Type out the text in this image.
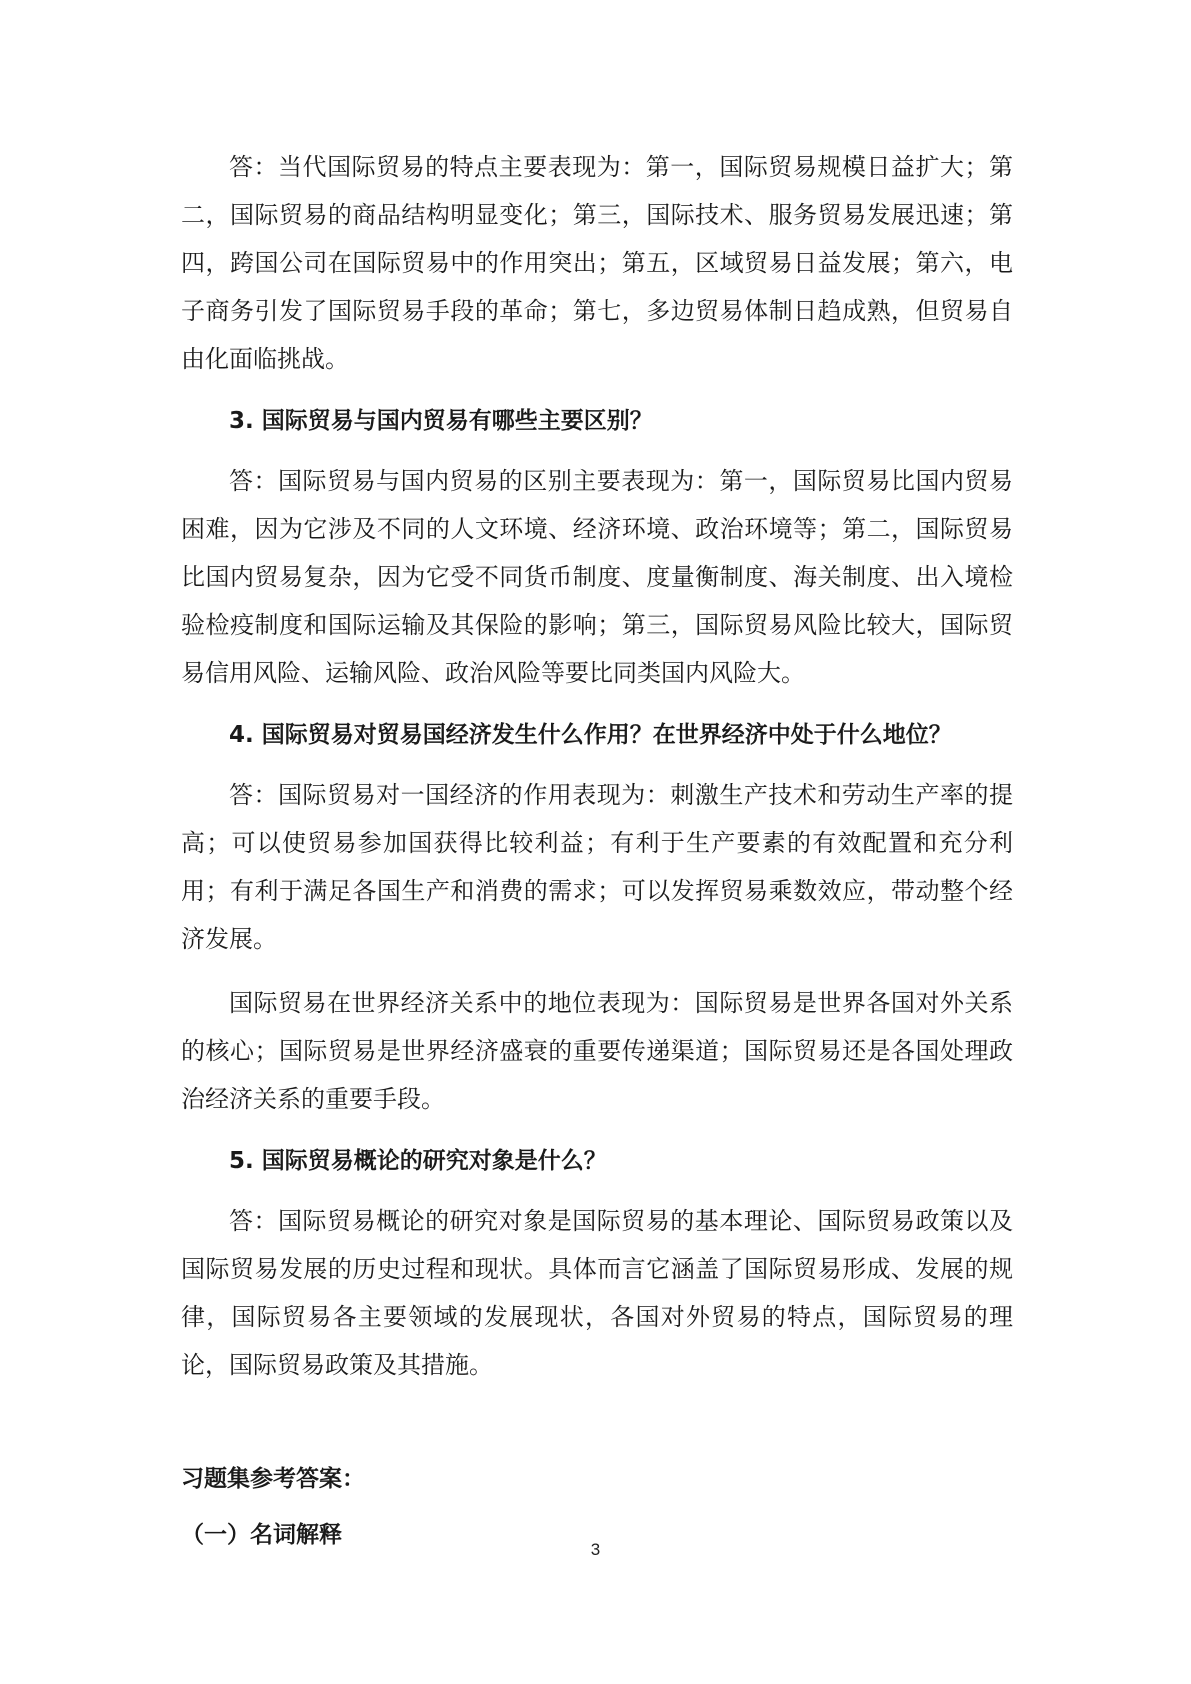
答：当代国际贸易的特点主要表现为：第一，国际贸易规模日益扩大；第二，国际贸易的商品结构明显变化；第三，国际技术、服务贸易发展迅速；第四，跨国公司在国际贸易中的作用突出；第五，区域贸易日益发展；第六，电子商务引发了国际贸易手段的革命；第七，多边贸易体制日趋成熟，但贸易自由化面临挑战。

3. 国际贸易与国内贸易有哪些主要区别？

答：国际贸易与国内贸易的区别主要表现为：第一，国际贸易比国内贸易困难，因为它涉及不同的人文环境、经济环境、政治环境等；第二，国际贸易比国内贸易复杂，因为它受不同货币制度、度量衡制度、海关制度、出入境检验检疫制度和国际运输及其保险的影响；第三，国际贸易风险比较大，国际贸易信用风险、运输风险、政治风险等要比同类国内风险大。

4. 国际贸易对贸易国经济发生什么作用？在世界经济中处于什么地位？

答：国际贸易对一国经济的作用表现为：刺激生产技术和劳动生产率的提高；可以使贸易参加国获得比较利益；有利于生产要素的有效配置和充分利用；有利于满足各国生产和消费的需求；可以发挥贸易乘数效应，带动整个经济发展。

国际贸易在世界经济关系中的地位表现为：国际贸易是世界各国对外关系的核心；国际贸易是世界经济盛衰的重要传递渠道；国际贸易还是各国处理政治经济关系的重要手段。

5. 国际贸易概论的研究对象是什么？

答：国际贸易概论的研究对象是国际贸易的基本理论、国际贸易政策以及国际贸易发展的历史过程和现状。具体而言它涵盖了国际贸易形成、发展的规律，国际贸易各主要领域的发展现状，各国对外贸易的特点，国际贸易的理论，国际贸易政策及其措施。

习题集参考答案：

（一）名词解释

3
